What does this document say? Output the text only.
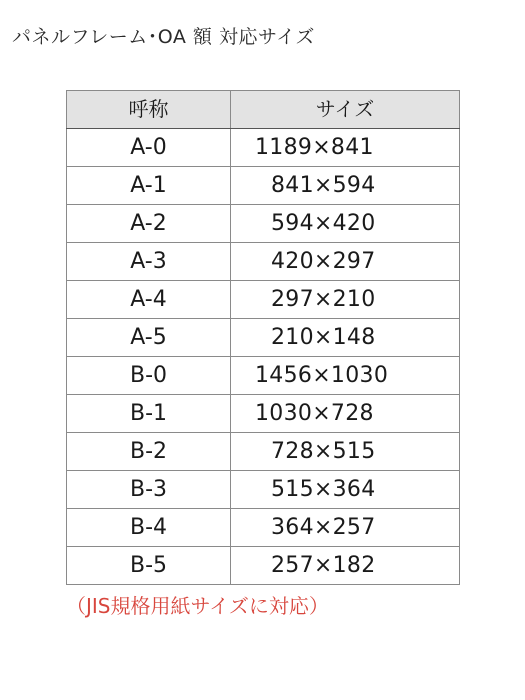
パネルフレーム･OA 額 対応サイズ
呼称	サイズ
A-0	1189×841
A-1	841×594
A-2	594×420
A-3	420×297
A-4	297×210
A-5	210×148
B-0	1456×1030
B-1	1030×728
B-2	728×515
B-3	515×364
B-4	364×257
B-5	257×182
（JIS規格用紙サイズに対応）
